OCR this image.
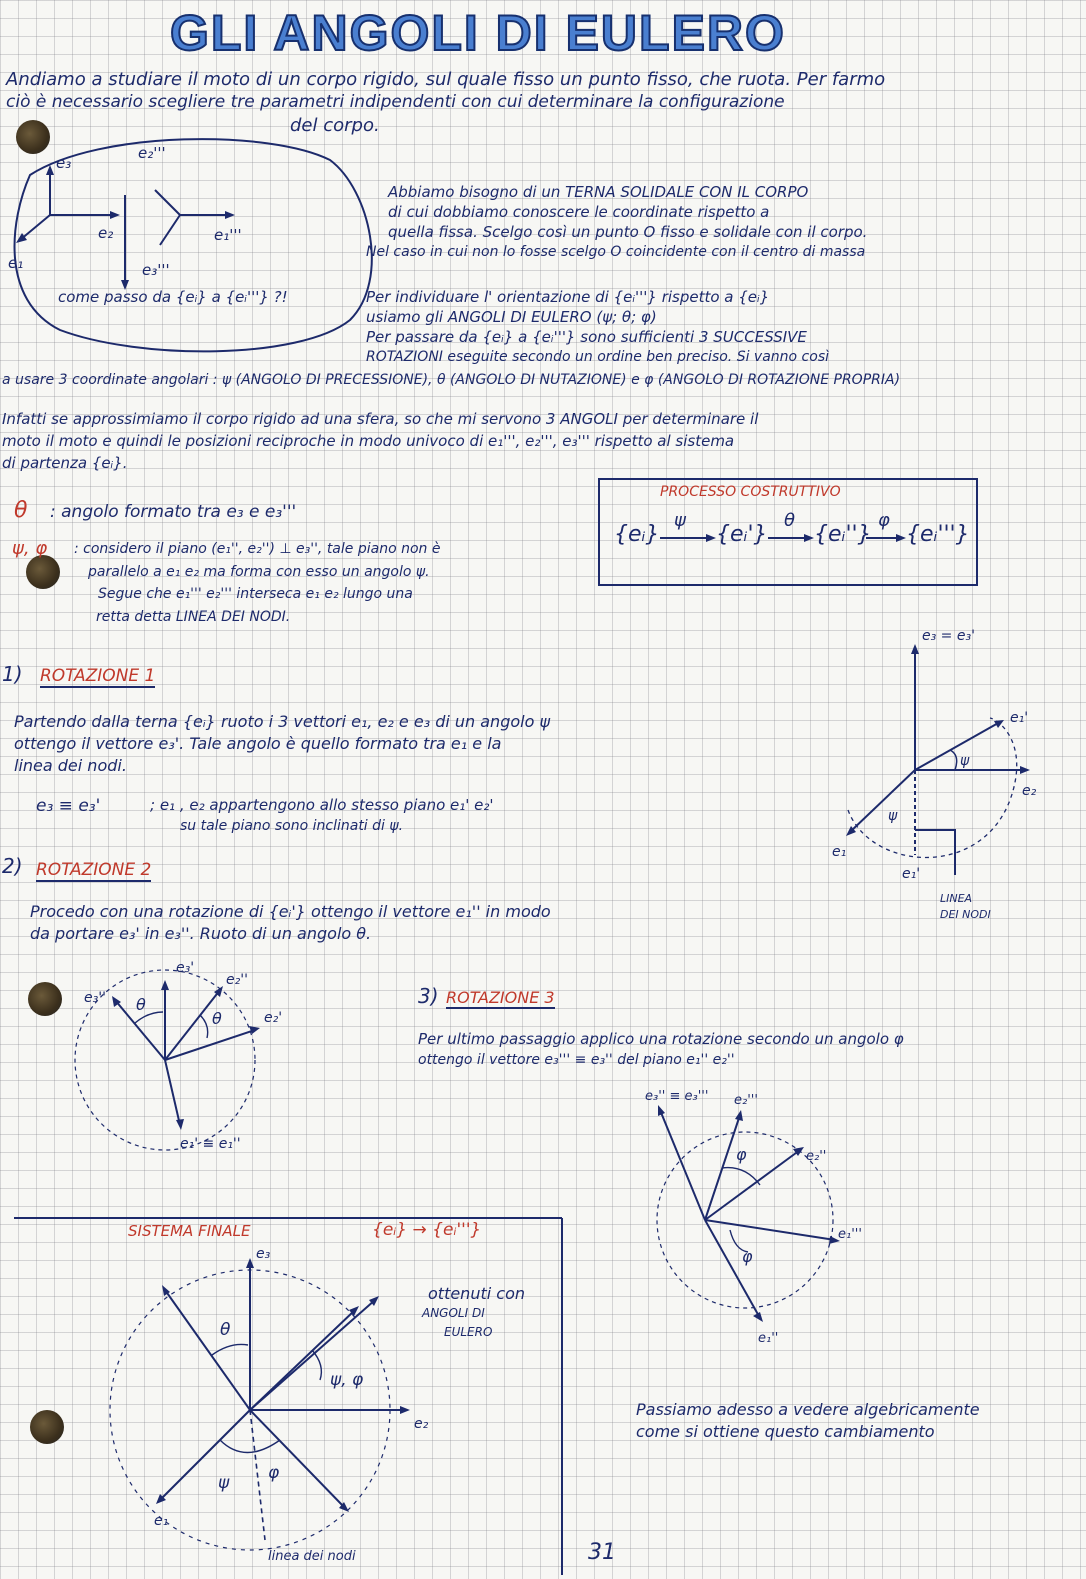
GLI ANGOLI DI EULERO
Andiamo a studiare il moto di un corpo rigido, sul quale fisso un punto fisso, che ruota. Per farmo
ciò è necessario scegliere tre parametri indipendenti con cui determinare la configurazione
del corpo.
e₃
e₂
e₁
e₂'''
e₁'''
e₃'''
come passo da {eᵢ} a {eᵢ'''} ?!
Abbiamo bisogno di un TERNA SOLIDALE CON IL CORPO
di cui dobbiamo conoscere le coordinate rispetto a
quella fissa. Scelgo così un punto O fisso e solidale con il corpo.
Nel caso in cui non lo fosse scelgo O coincidente con il centro di massa
Per individuare l' orientazione di {eᵢ'''} rispetto a {eᵢ}
usiamo gli ANGOLI DI EULERO (ψ; θ; φ)
Per passare da {eᵢ} a {eᵢ'''} sono sufficienti 3 SUCCESSIVE
ROTAZIONI eseguite secondo un ordine ben preciso. Si vanno così
a usare 3 coordinate angolari : ψ (ANGOLO DI PRECESSIONE), θ (ANGOLO DI NUTAZIONE) e φ (ANGOLO DI ROTAZIONE PROPRIA)
Infatti se approssimiamo il corpo rigido ad una sfera, so che mi servono 3 ANGOLI per determinare il
moto il moto e quindi le posizioni reciproche in modo univoco di e₁''', e₂''', e₃''' rispetto al sistema
di partenza {eᵢ}.
θ : angolo formato tra e₃ e e₃'''
ψ, φ : considero il piano (e₁'', e₂'') ⊥ e₃'', tale piano non è
parallelo a e₁ e₂ ma forma con esso un angolo ψ.
Segue che e₁''' e₂''' interseca e₁ e₂ lungo una
retta detta LINEA DEI NODI.
PROCESSO COSTRUTTIVO
{eᵢ}
ψ
{eᵢ'}
θ
{eᵢ''}
φ
{eᵢ'''}
1) ROTAZIONE 1
Partendo dalla terna {eᵢ} ruoto i 3 vettori e₁, e₂ e e₃ di un angolo ψ
ottengo il vettore e₃'. Tale angolo è quello formato tra e₁ e la
linea dei nodi.
e₃ ≡ e₃'	; e₁ , e₂ appartengono allo stesso piano e₁' e₂'
su tale piano sono inclinati di ψ.
e₃ = e₃'
e₁'
ψ
e₂
ψ
e₁
e₁'
LINEA
DEI NODI
2) ROTAZIONE 2
Procedo con una rotazione di {eᵢ'} ottengo il vettore e₁'' in modo
da portare e₃' in e₃''. Ruoto di un angolo θ.
e₃''
e₃'
e₂''
θ
θ	e₂'
e₁' ≡ e₁''
3) ROTAZIONE 3
Per ultimo passaggio applico una rotazione secondo un angolo φ
ottengo il vettore e₃''' ≡ e₃'' del piano e₁'' e₂''
e₃'' ≡ e₃''' e₂'''
φ	e₂''
e₁'''
φ
e₁''
SISTEMA FINALE	{eᵢ} → {eᵢ'''}
ottenuti con
ANGOLI DI
EULERO
e₃
θ
ψ, φ
e₂
ψ φ
e₁
linea dei nodi
Passiamo adesso a vedere algebricamente
come si ottiene questo cambiamento
31
